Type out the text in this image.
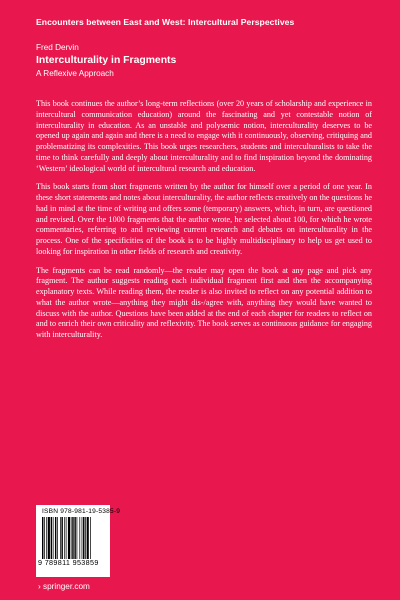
Encounters between East and West: Intercultural Perspectives
Fred Dervin
Interculturality in Fragments
A Reflexive Approach

This book continues the author’s long-term reflections (over 20 years of scholarship and experience in intercultural communication education) around the fascinating and yet contestable notion of interculturality in education. As an unstable and polysemic notion, interculturality deserves to be opened up again and again and there is a need to engage with it continuously, observing, critiquing and problematizing its complexities. This book urges researchers, students and interculturalists to take the time to think carefully and deeply about interculturality and to find inspiration beyond the dominating ‘Western’ ideological world of intercultural research and education.

This book starts from short fragments written by the author for himself over a period of one year. In these short statements and notes about interculturality, the author reflects creatively on the questions he had in mind at the time of writing and offers some (temporary) answers, which, in turn, are questioned and revised. Over the 1000 fragments that the author wrote, he selected about 100, for which he wrote commentaries, referring to and reviewing current research and debates on interculturality in the process. One of the specificities of the book is to be highly multidisciplinary to help us get used to looking for inspiration in other fields of research and creativity.

The fragments can be read randomly—the reader may open the book at any page and pick any fragment. The author suggests reading each individual fragment first and then the accompanying explanatory texts. While reading them, the reader is also invited to reflect on any potential addition to what the author wrote—anything they might dis-/agree with, anything they would have wanted to discuss with the author. Questions have been added at the end of each chapter for readers to reflect on and to enrich their own criticality and reflexivity. The book serves as continuous guidance for engaging with interculturality.

ISBN 978-981-19-5385-9
9 789811 953859
› springer.com
